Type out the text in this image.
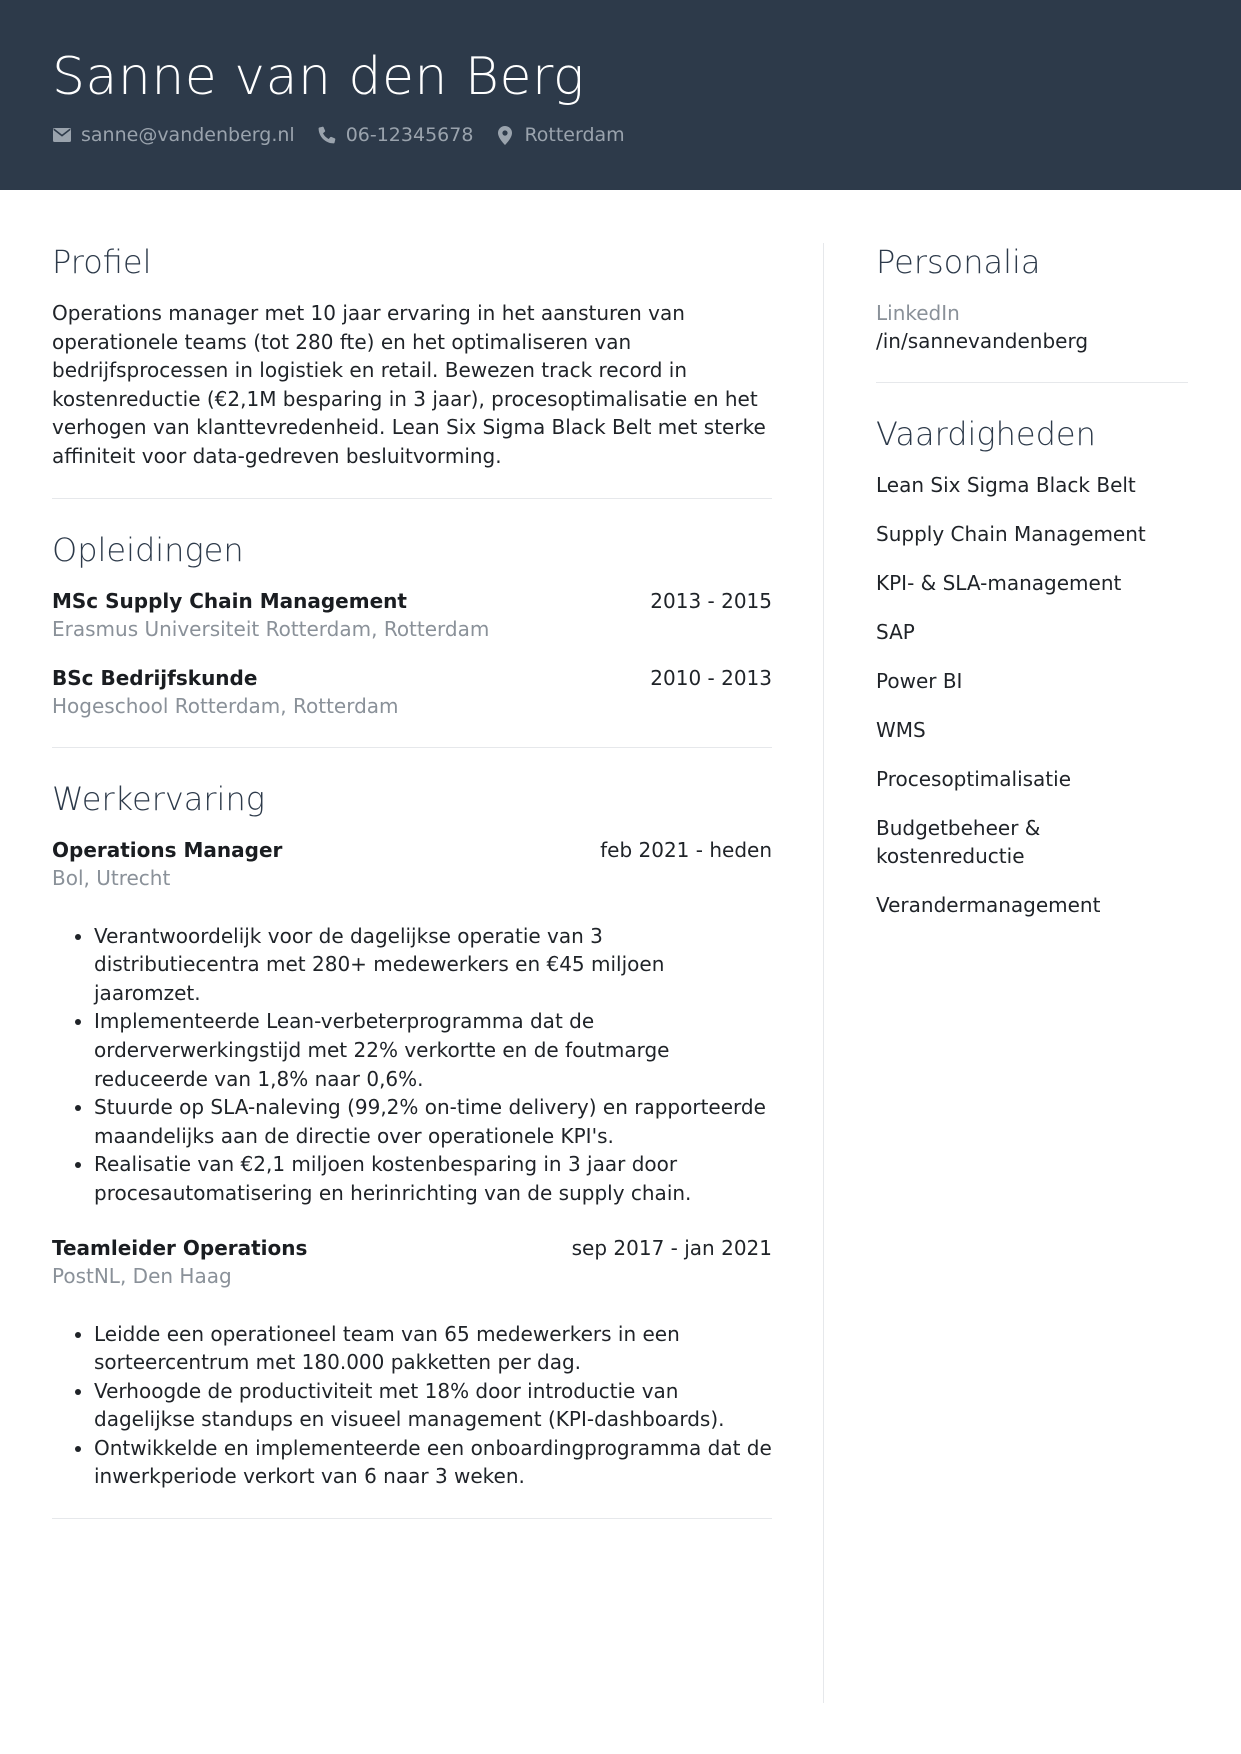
Sanne van den Berg
sanne@vandenberg.nl	06-12345678	Rotterdam
Profiel
Operations manager met 10 jaar ervaring in het aansturen van operationele teams (tot 280 fte) en het optimaliseren van bedrijfsprocessen in logistiek en retail. Bewezen track record in kostenreductie (€2,1M besparing in 3 jaar), procesoptimalisatie en het verhogen van klanttevredenheid. Lean Six Sigma Black Belt met sterke affiniteit voor data-gedreven besluitvorming.
Opleidingen
MSc Supply Chain Management	2013 - 2015
Erasmus Universiteit Rotterdam, Rotterdam
BSc Bedrijfskunde	2010 - 2013
Hogeschool Rotterdam, Rotterdam
Werkervaring
Operations Manager	feb 2021 - heden
Bol, Utrecht
• Verantwoordelijk voor de dagelijkse operatie van 3 distributiecentra met 280+ medewerkers en €45 miljoen jaaromzet.
• Implementeerde Lean-verbeterprogramma dat de orderverwerkingstijd met 22% verkortte en de foutmarge reduceerde van 1,8% naar 0,6%.
• Stuurde op SLA-naleving (99,2% on-time delivery) en rapporteerde maandelijks aan de directie over operationele KPI's.
• Realisatie van €2,1 miljoen kostenbesparing in 3 jaar door procesautomatisering en herinrichting van de supply chain.
Teamleider Operations	sep 2017 - jan 2021
PostNL, Den Haag
• Leidde een operationeel team van 65 medewerkers in een sorteercentrum met 180.000 pakketten per dag.
• Verhoogde de productiviteit met 18% door introductie van dagelijkse standups en visueel management (KPI-dashboards).
• Ontwikkelde en implementeerde een onboardingprogramma dat de inwerkperiode verkort van 6 naar 3 weken.
Personalia
LinkedIn
/in/sannevandenberg
Vaardigheden
Lean Six Sigma Black Belt
Supply Chain Management
KPI- & SLA-management
SAP
Power BI
WMS
Procesoptimalisatie
Budgetbeheer & kostenreductie
Verandermanagement
